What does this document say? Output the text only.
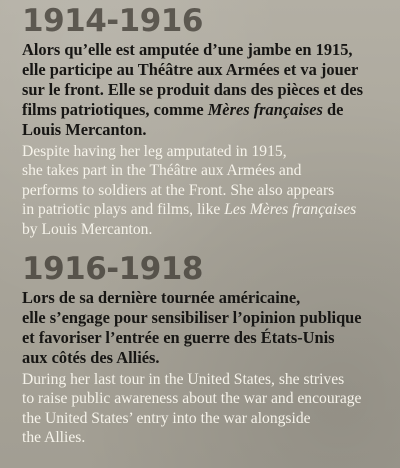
1914-1916
Alors qu’elle est amputée d’une jambe en 1915,
elle participe au Théâtre aux Armées et va jouer
sur le front. Elle se produit dans des pièces et des
films patriotiques, comme Mères françaises de
Louis Mercanton.
Despite having her leg amputated in 1915,
she takes part in the Théâtre aux Armées and
performs to soldiers at the Front. She also appears
in patriotic plays and films, like Les Mères françaises
by Louis Mercanton.
1916-1918
Lors de sa dernière tournée américaine,
elle s’engage pour sensibiliser l’opinion publique
et favoriser l’entrée en guerre des États-Unis
aux côtés des Alliés.
During her last tour in the United States, she strives
to raise public awareness about the war and encourage
the United States’ entry into the war alongside
the Allies.
